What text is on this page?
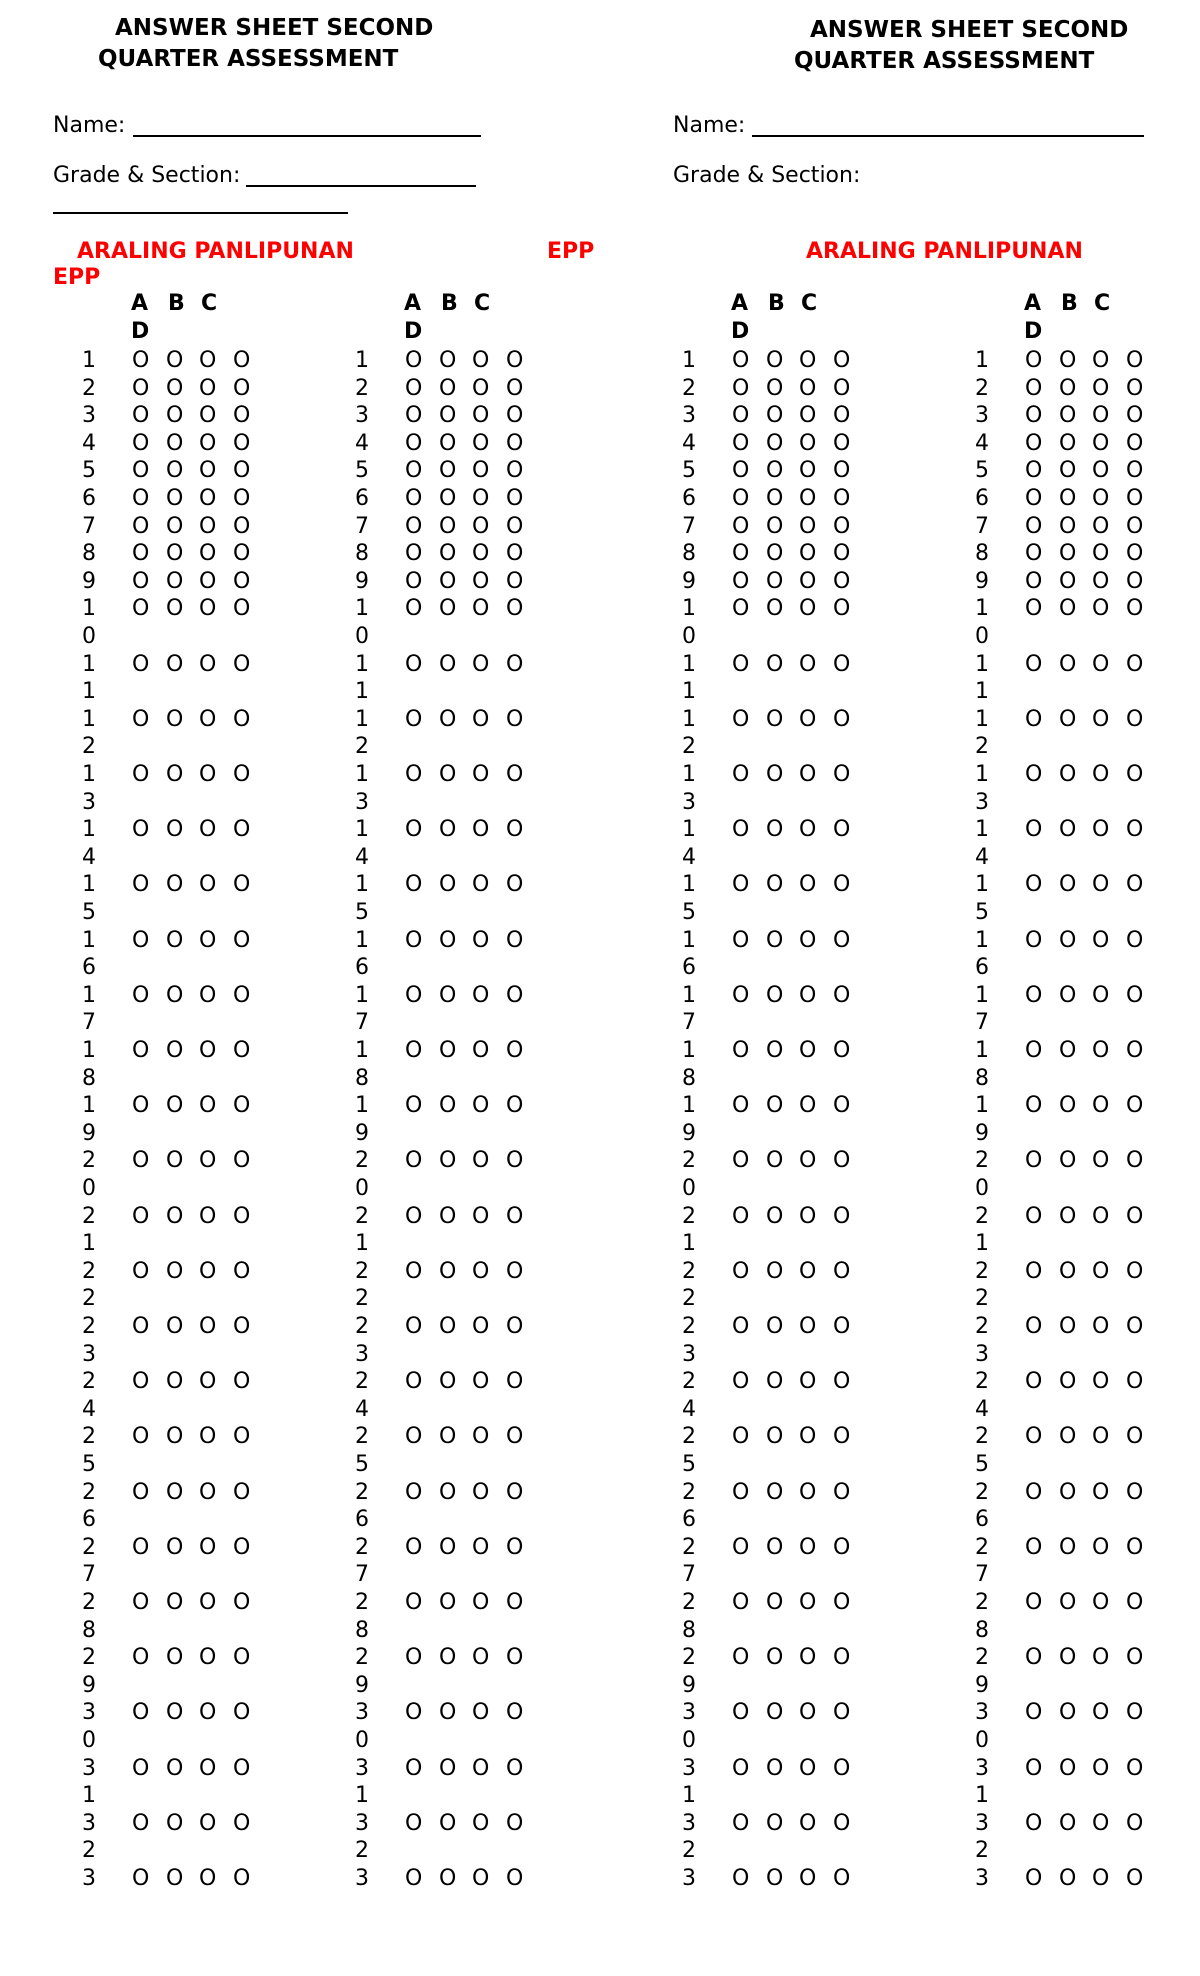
ANSWER SHEET SECOND
QUARTER ASSESSMENT
Name:
Grade & Section:
ARALING PANLIPUNAN	EPP
EPP
ANSWER SHEET SECOND
QUARTER ASSESSMENT
Name:
Grade & Section:
ARALING PANLIPUNAN
A B C
D
1 O O O O
2 O O O O
3 O O O O
4 O O O O
5 O O O O
6 O O O O
7 O O O O
8 O O O O
9 O O O O
1
0
O O O O
1
1
O O O O
1
2
O O O O
1
3
O O O O
1
4
O O O O
1
5
O O O O
1
6
O O O O
1
7
O O O O
1
8
O O O O
1
9
O O O O
2
0
O O O O
2
1
O O O O
2
2
O O O O
2
3
O O O O
2
4
O O O O
2
5
O O O O
2
6
O O O O
2
7
O O O O
2
8
O O O O
2
9
O O O O
3
0
O O O O
3
1
O O O O
3
2
O O O O
3 O O O O
A B C
D
1 O O O O
2 O O O O
3 O O O O
4 O O O O
5 O O O O
6 O O O O
7 O O O O
8 O O O O
9 O O O O
1
0
O O O O
1
1
O O O O
1
2
O O O O
1
3
O O O O
1
4
O O O O
1
5
O O O O
1
6
O O O O
1
7
O O O O
1
8
O O O O
1
9
O O O O
2
0
O O O O
2
1
O O O O
2
2
O O O O
2
3
O O O O
2
4
O O O O
2
5
O O O O
2
6
O O O O
2
7
O O O O
2
8
O O O O
2
9
O O O O
3
0
O O O O
3
1
O O O O
3
2
O O O O
3 O O O O
A B C
D
1 O O O O
2 O O O O
3 O O O O
4 O O O O
5 O O O O
6 O O O O
7 O O O O
8 O O O O
9 O O O O
1
0
O O O O
1
1
O O O O
1
2
O O O O
1
3
O O O O
1
4
O O O O
1
5
O O O O
1
6
O O O O
1
7
O O O O
1
8
O O O O
1
9
O O O O
2
0
O O O O
2
1
O O O O
2
2
O O O O
2
3
O O O O
2
4
O O O O
2
5
O O O O
2
6
O O O O
2
7
O O O O
2
8
O O O O
2
9
O O O O
3
0
O O O O
3
1
O O O O
3
2
O O O O
3 O O O O
A B C
D
1 O O O O
2 O O O O
3 O O O O
4 O O O O
5 O O O O
6 O O O O
7 O O O O
8 O O O O
9 O O O O
1
0
O O O O
1
1
O O O O
1
2
O O O O
1
3
O O O O
1
4
O O O O
1
5
O O O O
1
6
O O O O
1
7
O O O O
1
8
O O O O
1
9
O O O O
2
0
O O O O
2
1
O O O O
2
2
O O O O
2
3
O O O O
2
4
O O O O
2
5
O O O O
2
6
O O O O
2
7
O O O O
2
8
O O O O
2
9
O O O O
3
0
O O O O
3
1
O O O O
3
2
O O O O
3 O O O O
